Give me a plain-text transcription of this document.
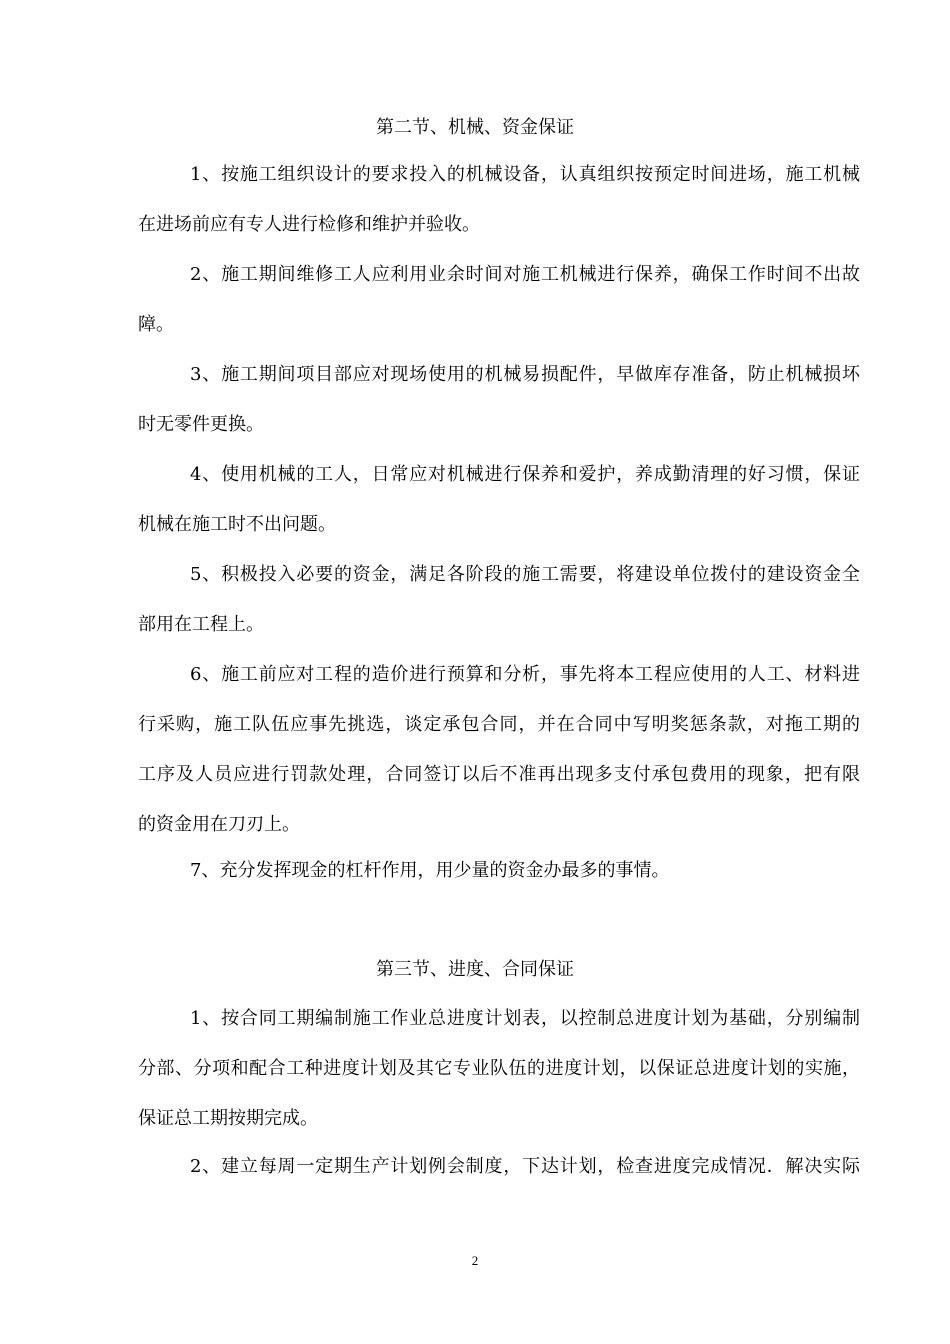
第二节、机械、资金保证
1、按施工组织设计的要求投入的机械设备，认真组织按预定时间进场，施工机械
在进场前应有专人进行检修和维护并验收。
2、施工期间维修工人应利用业余时间对施工机械进行保养，确保工作时间不出故
障。
3、施工期间项目部应对现场使用的机械易损配件，早做库存准备，防止机械损坏
时无零件更换。
4、使用机械的工人，日常应对机械进行保养和爱护，养成勤清理的好习惯，保证
机械在施工时不出问题。
5、积极投入必要的资金，满足各阶段的施工需要，将建设单位拨付的建设资金全
部用在工程上。
6、施工前应对工程的造价进行预算和分析，事先将本工程应使用的人工、材料进
行采购，施工队伍应事先挑选，谈定承包合同，并在合同中写明奖惩条款，对拖工期的
工序及人员应进行罚款处理，合同签订以后不准再出现多支付承包费用的现象，把有限
的资金用在刀刃上。
7、充分发挥现金的杠杆作用，用少量的资金办最多的事情。
第三节、进度、合同保证
1、按合同工期编制施工作业总进度计划表，以控制总进度计划为基础，分别编制
分部、分项和配合工种进度计划及其它专业队伍的进度计划，以保证总进度计划的实施，
保证总工期按期完成。
2、建立每周一定期生产计划例会制度，下达计划，检查进度完成情况．解决实际
2
